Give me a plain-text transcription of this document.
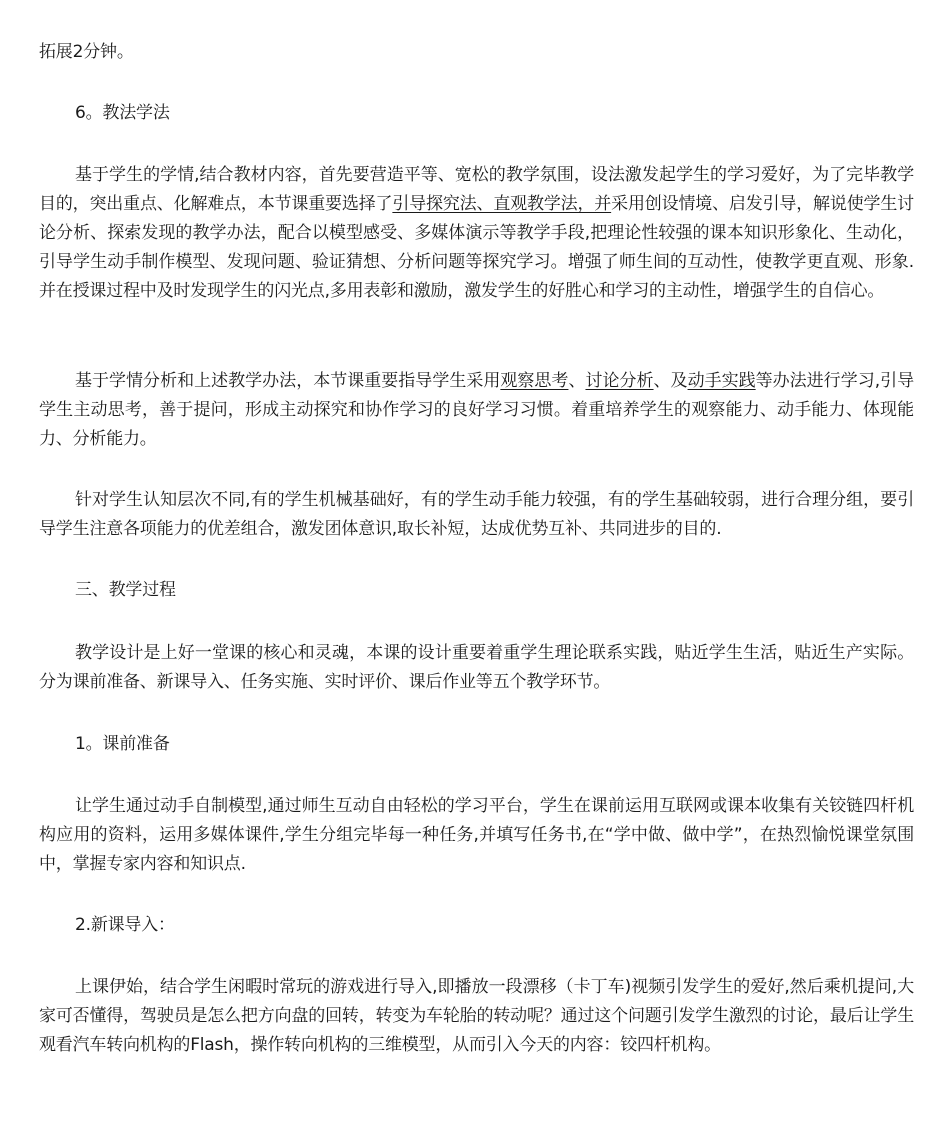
拓展2分钟。

6。教法学法

基于学生的学情,结合教材内容，首先要营造平等、宽松的教学氛围，设法激发起学生的学习爱好，为了完毕教学目的，突出重点、化解难点，本节课重要选择了引导探究法、直观教学法，并采用创设情境、启发引导，解说使学生讨论分析、探索发现的教学办法，配合以模型感受、多媒体演示等教学手段,把理论性较强的课本知识形象化、生动化，引导学生动手制作模型、发现问题、验证猜想、分析问题等探究学习。增强了师生间的互动性，使教学更直观、形象.并在授课过程中及时发现学生的闪光点,多用表彰和激励，激发学生的好胜心和学习的主动性，增强学生的自信心。

基于学情分析和上述教学办法，本节课重要指导学生采用观察思考、讨论分析、及动手实践等办法进行学习,引导学生主动思考，善于提问，形成主动探究和协作学习的良好学习习惯。着重培养学生的观察能力、动手能力、体现能力、分析能力。

针对学生认知层次不同,有的学生机械基础好，有的学生动手能力较强，有的学生基础较弱，进行合理分组，要引导学生注意各项能力的优差组合，激发团体意识,取长补短，达成优势互补、共同进步的目的.

三、教学过程

教学设计是上好一堂课的核心和灵魂，本课的设计重要着重学生理论联系实践，贴近学生生活，贴近生产实际。分为课前准备、新课导入、任务实施、实时评价、课后作业等五个教学环节。

1。课前准备

让学生通过动手自制模型,通过师生互动自由轻松的学习平台，学生在课前运用互联网或课本收集有关铰链四杆机构应用的资料，运用多媒体课件,学生分组完毕每一种任务,并填写任务书,在“学中做、做中学”，在热烈愉悦课堂氛围中，掌握专家内容和知识点.

2.新课导入：

上课伊始，结合学生闲暇时常玩的游戏进行导入,即播放一段漂移（卡丁车)视频引发学生的爱好,然后乘机提问,大家可否懂得，驾驶员是怎么把方向盘的回转，转变为车轮胎的转动呢？通过这个问题引发学生激烈的讨论，最后让学生观看汽车转向机构的Flash，操作转向机构的三维模型，从而引入今天的内容：铰四杆机构。
